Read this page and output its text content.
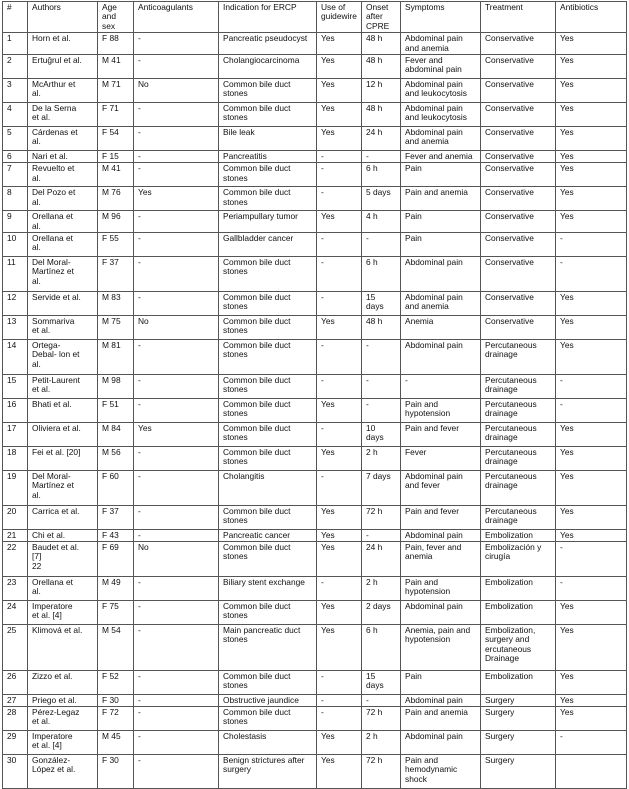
#	Authors	Age
and
sex	Anticoagulants	Indication for ERCP	Use of
guidewire	Onset
after
CPRE	Symptoms	Treatment	Antibiotics
1	Horn et al.	F 88	-	Pancreatic pseudocyst	Yes	48 h	Abdominal pain
and anemia	Conservative	Yes
2	Ertuğrul et al.	M 41	-	Cholangiocarcinoma	Yes	48 h	Fever and
abdominal pain	Conservative	Yes
3	McArthur et
al.	M 71	No	Common bile duct
stones	Yes	12 h	Abdominal pain
and leukocytosis	Conservative	Yes
4	De la Serna
et al.	F 71	-	Common bile duct
stones	Yes	48 h	Abdominal pain
and leukocytosis	Conservative	Yes
5	Cárdenas et
al.	F 54	-	Bile leak	Yes	24 h	Abdominal pain
and anemia	Conservative	Yes
6	Nari et al.	F 15	-	Pancreatitis	-	-	Fever and anemia	Conservative	Yes
7	Revuelto et
al.	M 41	-	Common bile duct
stones	-	6 h	Pain	Conservative	Yes
8	Del Pozo et
al.	M 76	Yes	Common bile duct
stones	-	5 days	Pain and anemia	Conservative	Yes
9	Orellana et
al.	M 96	-	Periampullary tumor	Yes	4 h	Pain	Conservative	Yes
10	Orellana et
al.	F 55	-	Gallbladder cancer	-	-	Pain	Conservative	-
11	Del Moral-
Martínez et
al.	F 37	-	Common bile duct
stones	-	6 h	Abdominal pain	Conservative	-
12	Servide et al.	M 83	-	Common bile duct
stones	-	15
days	Abdominal pain
and anemia	Conservative	Yes
13	Sommariva
et al.	M 75	No	Common bile duct
stones	Yes	48 h	Anemia	Conservative	Yes
14	Ortega-
Debal- lon et
al.	M 81	-	Common bile duct
stones	-	-	Abdominal pain	Percutaneous
drainage	Yes
15	Petit-Laurent
et al.	M 98	-	Common bile duct
stones	-	-	-	Percutaneous
drainage	-
16	Bhati et al.	F 51	-	Common bile duct
stones	Yes	-	Pain and
hypotension	Percutaneous
drainage	-
17	Oliviera et al.	M 84	Yes	Common bile duct
stones	-	10
days	Pain and fever	Percutaneous
drainage	Yes
18	Fei et al. [20]	M 56	-	Common bile duct
stones	Yes	2 h	Fever	Percutaneous
drainage	Yes
19	Del Moral-
Martínez et
al.	F 60	-	Cholangitis	-	7 days	Abdominal pain
and fever	Percutaneous
drainage	Yes
20	Carrica et al.	F 37	-	Common bile duct
stones	Yes	72 h	Pain and fever	Percutaneous
drainage	Yes
21	Chi et al.	F 43	-	Pancreatic cancer	Yes	-	Abdominal pain	Embolization	Yes
22	Baudet et al.
[7]
22	F 69	No	Common bile duct
stones	Yes	24 h	Pain, fever and
anemia	Embolización y
cirugía	-
23	Orellana et
al.	M 49	-	Biliary stent exchange	-	2 h	Pain and
hypotension	Embolization	-
24	Imperatore
et al. [4]	F 75	-	Common bile duct
stones	Yes	2 days	Abdominal pain	Embolization	Yes
25	Klimová et al.	M 54	-	Main pancreatic duct
stones	Yes	6 h	Anemia, pain and
hypotension	Embolization,
surgery and
ercutaneous
Drainage	Yes
26	Zizzo et al.	F 52	-	Common bile duct
stones	-	15
days	Pain	Embolization	Yes
27	Priego et al.	F 30	-	Obstructive jaundice	-	-	Abdominal pain	Surgery	Yes
28	Pérez-Legaz
et al.	F 72	-	Common bile duct
stones	-	72 h	Pain and anemia	Surgery	Yes
29	Imperatore
et al. [4]	M 45	-	Cholestasis	Yes	2 h	Abdominal pain	Surgery	-
30	González-
López et al.	F 30	-	Benign strictures after
surgery	Yes	72 h	Pain and
hemodynamic
shock	Surgery	
